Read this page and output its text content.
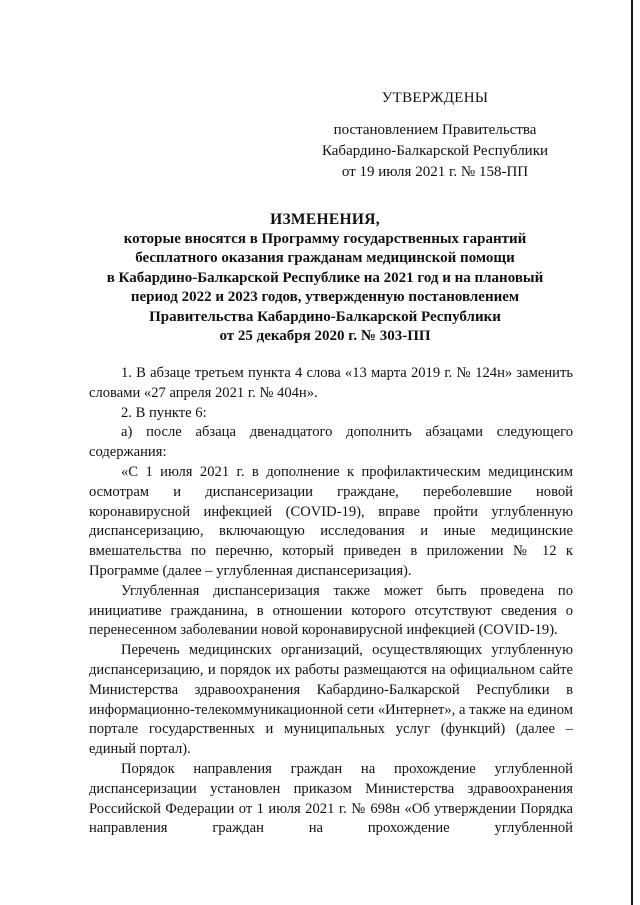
УТВЕРЖДЕНЫ
постановлением Правительства
Кабардино-Балкарской Республики
от 19 июля 2021 г. № 158-ПП
ИЗМЕНЕНИЯ,
которые вносятся в Программу государственных гарантий
бесплатного оказания гражданам медицинской помощи
в Кабардино-Балкарской Республике на 2021 год и на плановый
период 2022 и 2023 годов, утвержденную постановлением
Правительства Кабардино-Балкарской Республики
от 25 декабря 2020 г. № 303-ПП

1. В абзаце третьем пункта 4 слова «13 марта 2019 г. № 124н» заменить словами «27 апреля 2021 г. № 404н».

2. В пункте 6:

а) после абзаца двенадцатого дополнить абзацами следующего содержания:

«С 1 июля 2021 г. в дополнение к профилактическим медицинским осмотрам и диспансеризации граждане, переболевшие новой коронавирусной инфекцией (COVID-19), вправе пройти углубленную диспансеризацию, включающую исследования и иные медицинские вмешательства по перечню, который приведен в приложении № 12 к Программе (далее – углубленная диспансеризация).

Углубленная диспансеризация также может быть проведена по инициативе гражданина, в отношении которого отсутствуют сведения о перенесенном заболевании новой коронавирусной инфекцией (COVID-19).

Перечень медицинских организаций, осуществляющих углубленную диспансеризацию, и порядок их работы размещаются на официальном сайте Министерства здравоохранения Кабардино-Балкарской Республики в информационно-телекоммуникационной сети «Интернет», а также на едином портале государственных и муниципальных услуг (функций) (далее – единый портал).

Порядок направления граждан на прохождение углубленной диспансеризации установлен приказом Министерства здравоохранения Российской Федерации от 1 июля 2021 г. № 698н «Об утверждении Порядка направления граждан на прохождение углубленной
